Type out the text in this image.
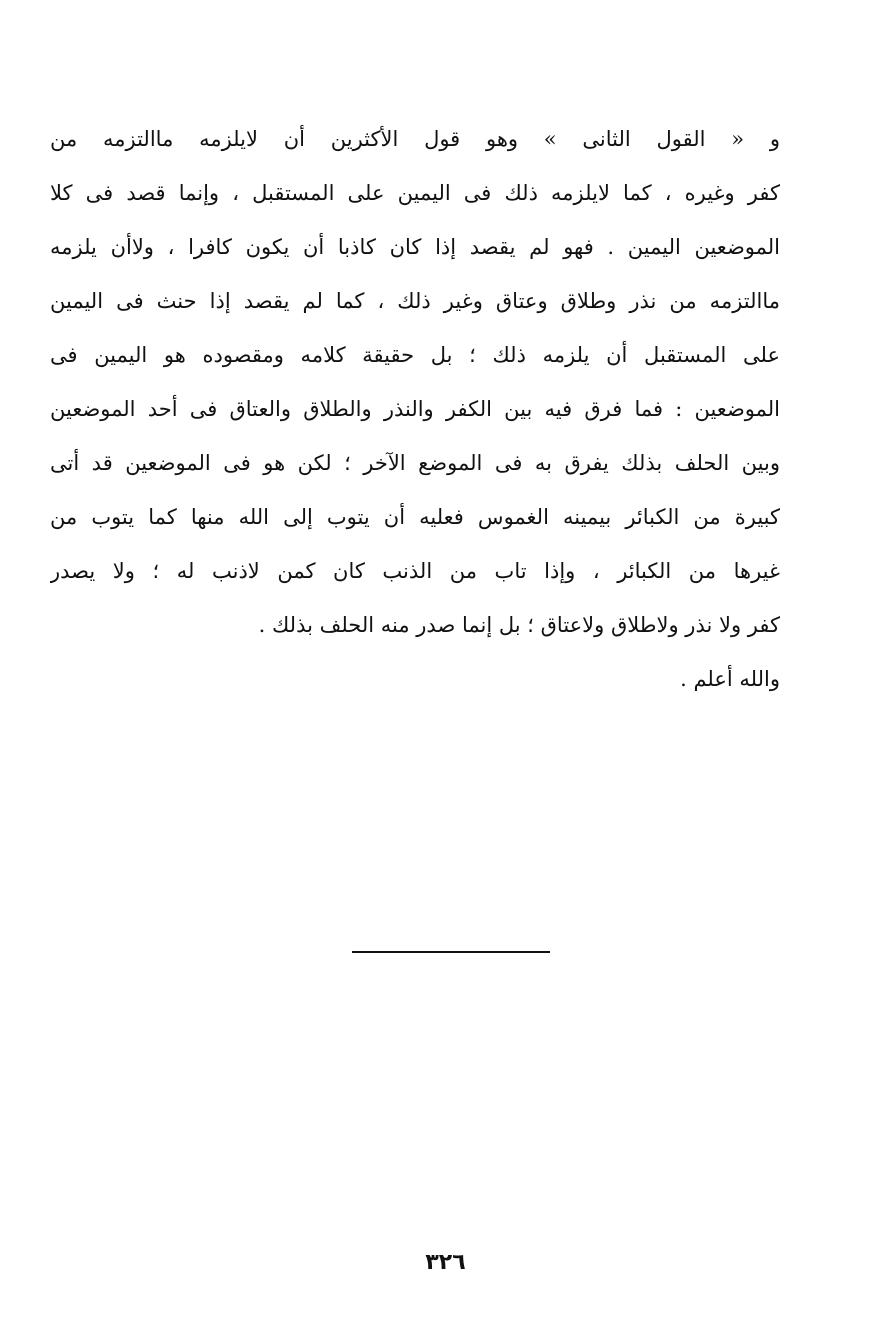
و « القول الثانى » وهو قول الأكثرين أن لايلزمه ماالتزمه من
كفر وغيره ، كما لايلزمه ذلك فى اليمين على المستقبل ، وإنما قصد فى كلا
الموضعين اليمين . فهو لم يقصد إذا كان كاذبا أن يكون كافرا ، ولاأن يلزمه
ماالتزمه من نذر وطلاق وعتاق وغير ذلك ، كما لم يقصد إذا حنث فى اليمين
على المستقبل أن يلزمه ذلك ؛ بل حقيقة كلامه ومقصوده هو اليمين فى
الموضعين : فما فرق فيه بين الكفر والنذر والطلاق والعتاق فى أحد الموضعين
وبين الحلف بذلك يفرق به فى الموضع الآخر ؛ لكن هو فى الموضعين قد أتى
كبيرة من الكبائر بيمينه الغموس فعليه أن يتوب إلى الله منها كما يتوب من
غيرها من الكبائر ، وإذا تاب من الذنب كان كمن لاذنب له ؛ ولا يصدر
كفر ولا نذر ولاطلاق ولاعتاق ؛ بل إنما صدر منه الحلف بذلك .
والله أعلم .
٣٢٦
